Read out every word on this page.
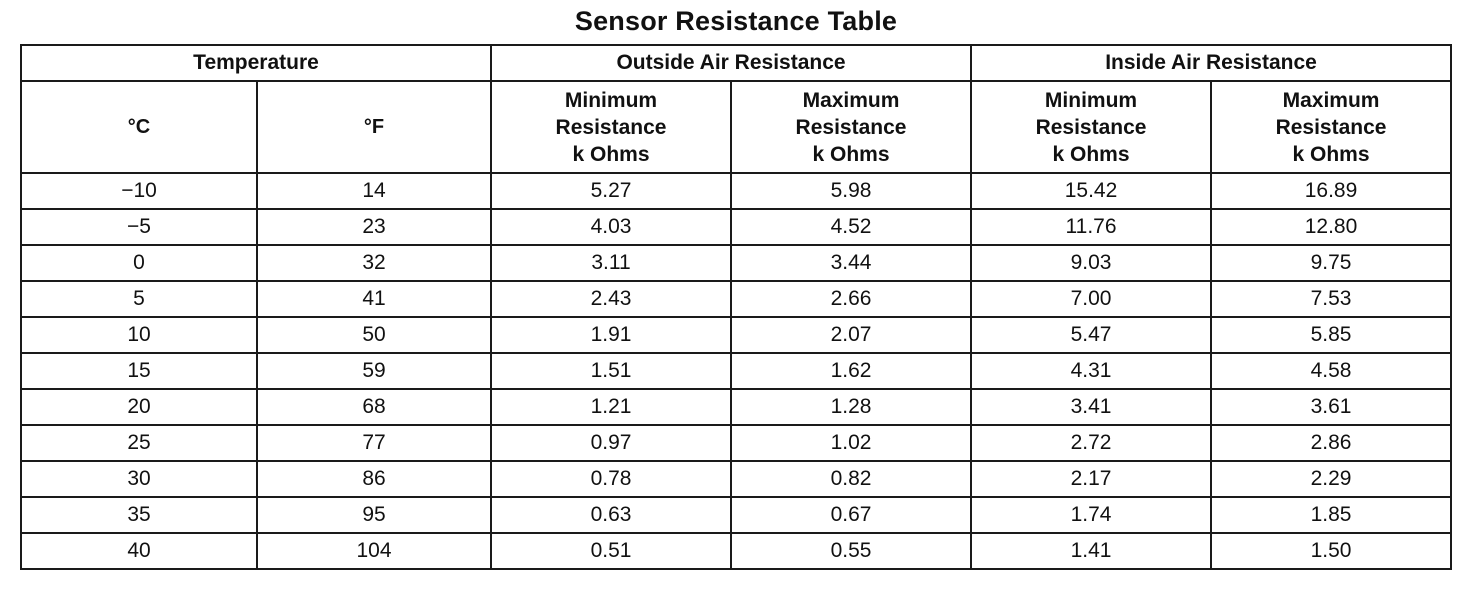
Sensor Resistance Table
Temperature		Outside Air Resistance		Inside Air Resistance	
°C	°F	Minimum
Resistance
k Ohms	Maximum
Resistance
k Ohms	Minimum
Resistance
k Ohms	Maximum
Resistance
k Ohms
−10	14	5.27	5.98	15.42	16.89
−5	23	4.03	4.52	11.76	12.80
0	32	3.11	3.44	9.03	9.75
5	41	2.43	2.66	7.00	7.53
10	50	1.91	2.07	5.47	5.85
15	59	1.51	1.62	4.31	4.58
20	68	1.21	1.28	3.41	3.61
25	77	0.97	1.02	2.72	2.86
30	86	0.78	0.82	2.17	2.29
35	95	0.63	0.67	1.74	1.85
40	104	0.51	0.55	1.41	1.50
